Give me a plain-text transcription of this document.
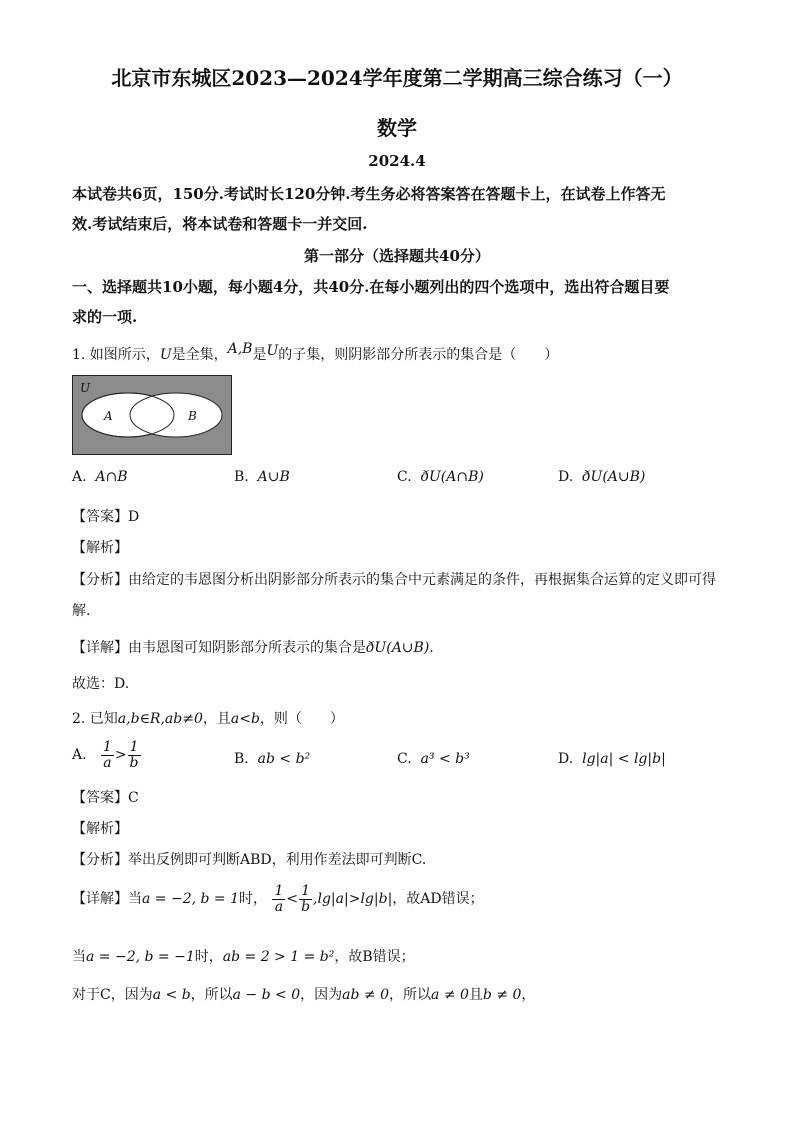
北京市东城区2023—2024学年度第二学期高三综合练习（一）
数学
2024.4
本试卷共6页，150分.考试时长120分钟.考生务必将答案答在答题卡上，在试卷上作答无
效.考试结束后，将本试卷和答题卡一并交回.
第一部分（选择题共40分）
一、选择题共10小题，每小题4分，共40分.在每小题列出的四个选项中，选出符合题目要
求的一项.
1. 如图所示，U是全集，A,B是U的子集，则阴影部分所表示的集合是（　　）
U
A	B
A. A∩B	B. A∪B	C. ðU(A∩B)	D. ðU(A∪B)
【答案】D
【解析】
【分析】由给定的韦恩图分析出阴影部分所表示的集合中元素满足的条件，再根据集合运算的定义即可得
解.
【详解】由韦恩图可知阴影部分所表示的集合是ðU(A∪B).
故选：D.
2. 已知a,b∈R,ab≠0，且a<b，则（　　）
A. $\frac{1}{a} > \frac{1}{b}$	B. ab < b²	C. a³ < b³	D. lg|a| < lg|b|
【答案】C
【解析】
【分析】举出反例即可判断ABD，利用作差法即可判断C.
【详解】当a = −2, b = 1时， $\frac{1}{a} < \frac{1}{b} ,\lg|a|>\lg|b|$，故AD错误；
当a = −2, b = −1时，ab = 2 > 1 = b²，故B错误；
对于C，因为a < b，所以a − b < 0，因为ab ≠ 0，所以a ≠ 0且b ≠ 0，
